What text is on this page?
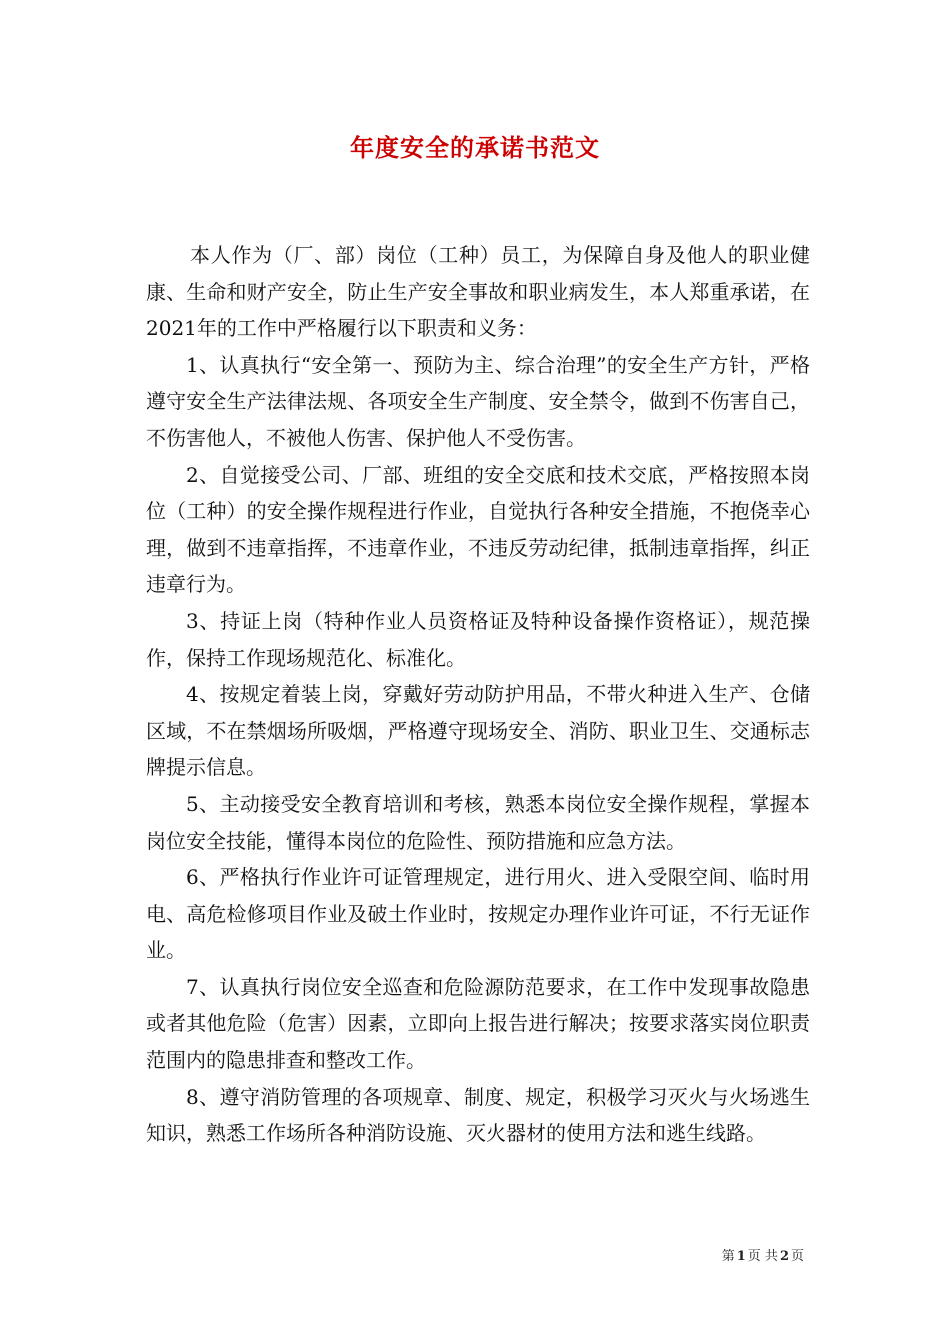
年度安全的承诺书范文

本人作为（厂、部）岗位（工种）员工，为保障自身及他人的职业健康、生命和财产安全，防止生产安全事故和职业病发生，本人郑重承诺，在2021年的工作中严格履行以下职责和义务：

1、认真执行“安全第一、预防为主、综合治理”的安全生产方针，严格遵守安全生产法律法规、各项安全生产制度、安全禁令，做到不伤害自己，不伤害他人，不被他人伤害、保护他人不受伤害。

2、自觉接受公司、厂部、班组的安全交底和技术交底，严格按照本岗位（工种）的安全操作规程进行作业，自觉执行各种安全措施，不抱侥幸心理，做到不违章指挥，不违章作业，不违反劳动纪律，抵制违章指挥，纠正违章行为。

3、持证上岗（特种作业人员资格证及特种设备操作资格证），规范操作，保持工作现场规范化、标准化。

4、按规定着装上岗，穿戴好劳动防护用品，不带火种进入生产、仓储区域，不在禁烟场所吸烟，严格遵守现场安全、消防、职业卫生、交通标志牌提示信息。

5、主动接受安全教育培训和考核，熟悉本岗位安全操作规程，掌握本岗位安全技能，懂得本岗位的危险性、预防措施和应急方法。

6、严格执行作业许可证管理规定，进行用火、进入受限空间、临时用电、高危检修项目作业及破土作业时，按规定办理作业许可证，不行无证作业。

7、认真执行岗位安全巡查和危险源防范要求，在工作中发现事故隐患或者其他危险（危害）因素，立即向上报告进行解决；按要求落实岗位职责范围内的隐患排查和整改工作。

8、遵守消防管理的各项规章、制度、规定，积极学习灭火与火场逃生知识，熟悉工作场所各种消防设施、灭火器材的使用方法和逃生线路。

第 1 页 共 2 页
